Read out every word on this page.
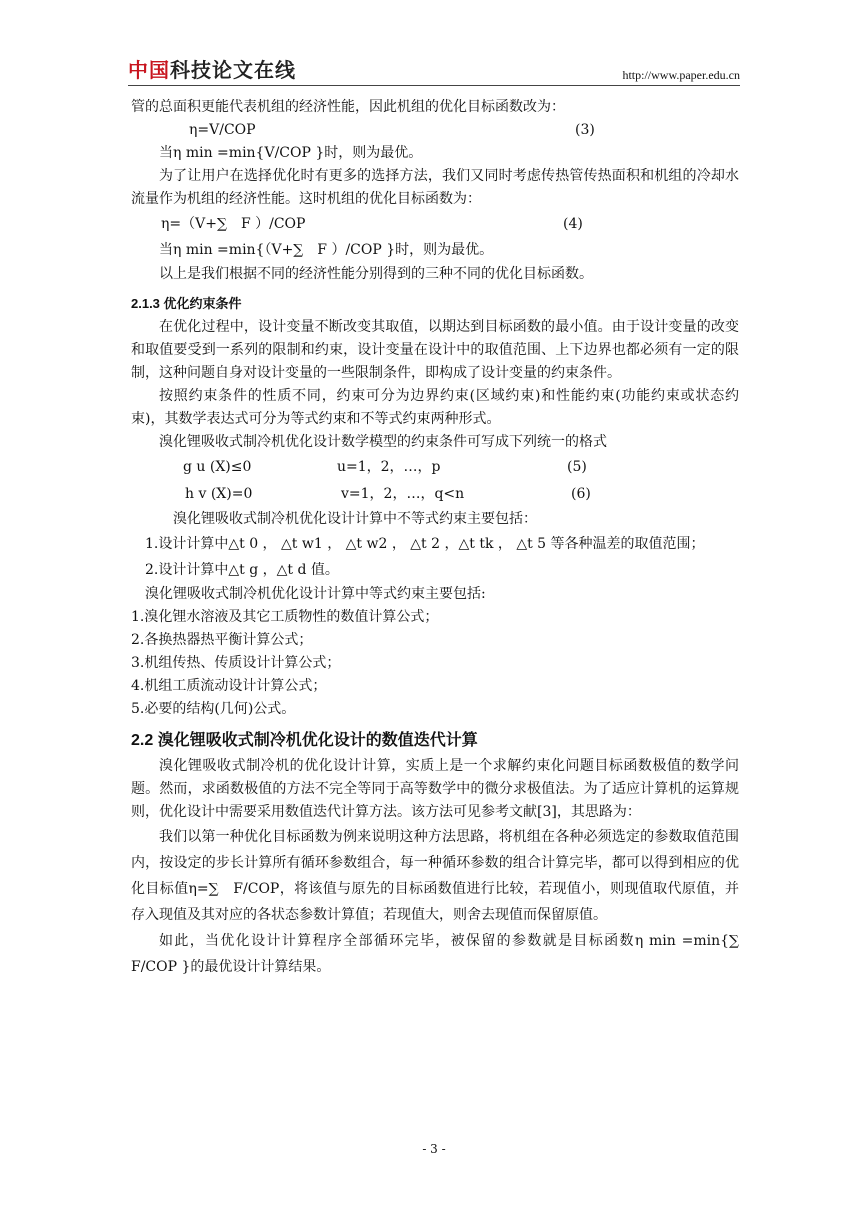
中国科技论文在线	http://www.paper.edu.cn

管的总面积更能代表机组的经济性能，因此机组的优化目标函数改为：

η=V/COP	(3)

当η min =min{V/COP }时，则为最优。

为了让用户在选择优化时有更多的选择方法，我们又同时考虑传热管传热面积和机组的冷却水流量作为机组的经济性能。这时机组的优化目标函数为：

η=（V+∑　F ）/COP	(4)

当η min =min{（V+∑　F ）/COP }时，则为最优。

以上是我们根据不同的经济性能分别得到的三种不同的优化目标函数。

2.1.3 优化约束条件

在优化过程中，设计变量不断改变其取值，以期达到目标函数的最小值。由于设计变量的改变和取值要受到一系列的限制和约束，设计变量在设计中的取值范围、上下边界也都必须有一定的限制，这种问题自身对设计变量的一些限制条件，即构成了设计变量的约束条件。

按照约束条件的性质不同，约束可分为边界约束(区域约束)和性能约束(功能约束或状态约束)，其数学表达式可分为等式约束和不等式约束两种形式。

溴化锂吸收式制冷机优化设计数学模型的约束条件可写成下列统一的格式

g u (X)≤0	u=1，2，…，p	(5)
h v (X)=0	v=1，2，…，q<n	(6)

溴化锂吸收式制冷机优化设计计算中不等式约束主要包括：

1.设计计算中△t 0 ， △t w1 ， △t w2 ， △t 2 ，△t tk ， △t 5 等各种温差的取值范围；

2.设计计算中△t g ，△t d 值。

溴化锂吸收式制冷机优化设计计算中等式约束主要包括:

1.溴化锂水溶液及其它工质物性的数值计算公式；

2.各换热器热平衡计算公式；

3.机组传热、传质设计计算公式；

4.机组工质流动设计计算公式；

5.必要的结构(几何)公式。

2.2 溴化锂吸收式制冷机优化设计的数值迭代计算

溴化锂吸收式制冷机的优化设计计算，实质上是一个求解约束化问题目标函数极值的数学问题。然而，求函数极值的方法不完全等同于高等数学中的微分求极值法。为了适应计算机的运算规则，优化设计中需要采用数值迭代计算方法。该方法可见参考文献[3]，其思路为：

我们以第一种优化目标函数为例来说明这种方法思路，将机组在各种必须选定的参数取值范围内，按设定的步长计算所有循环参数组合，每一种循环参数的组合计算完毕，都可以得到相应的优化目标值η=∑　F/COP，将该值与原先的目标函数值进行比较，若现值小，则现值取代原值，并存入现值及其对应的各状态参数计算值；若现值大，则舍去现值而保留原值。

如此，当优化设计计算程序全部循环完毕，被保留的参数就是目标函数η min =min{∑　F/COP }的最优设计计算结果。

- 3 -
